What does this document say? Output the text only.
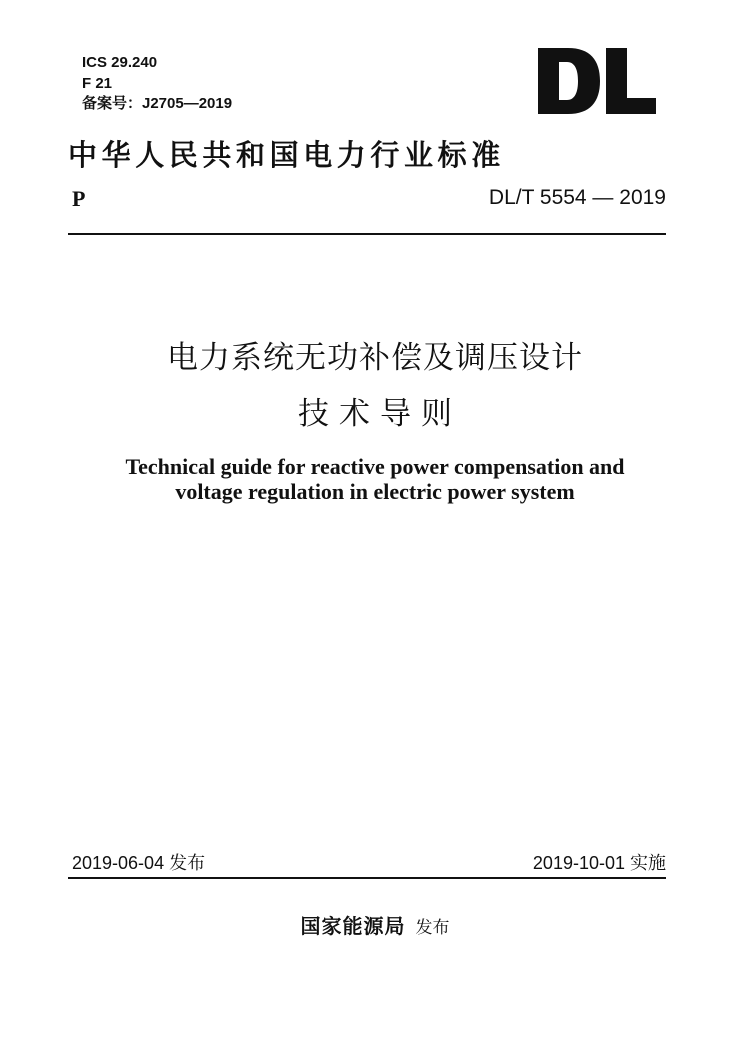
ICS 29.240
F 21
备案号：J2705—2019
中华人民共和国电力行业标准
P	DL/T 5554 — 2019
电力系统无功补偿及调压设计
技术导则
Technical guide for reactive power compensation and
voltage regulation in electric power system
2019-06-04 发布	2019-10-01 实施
国家能源局 发布
